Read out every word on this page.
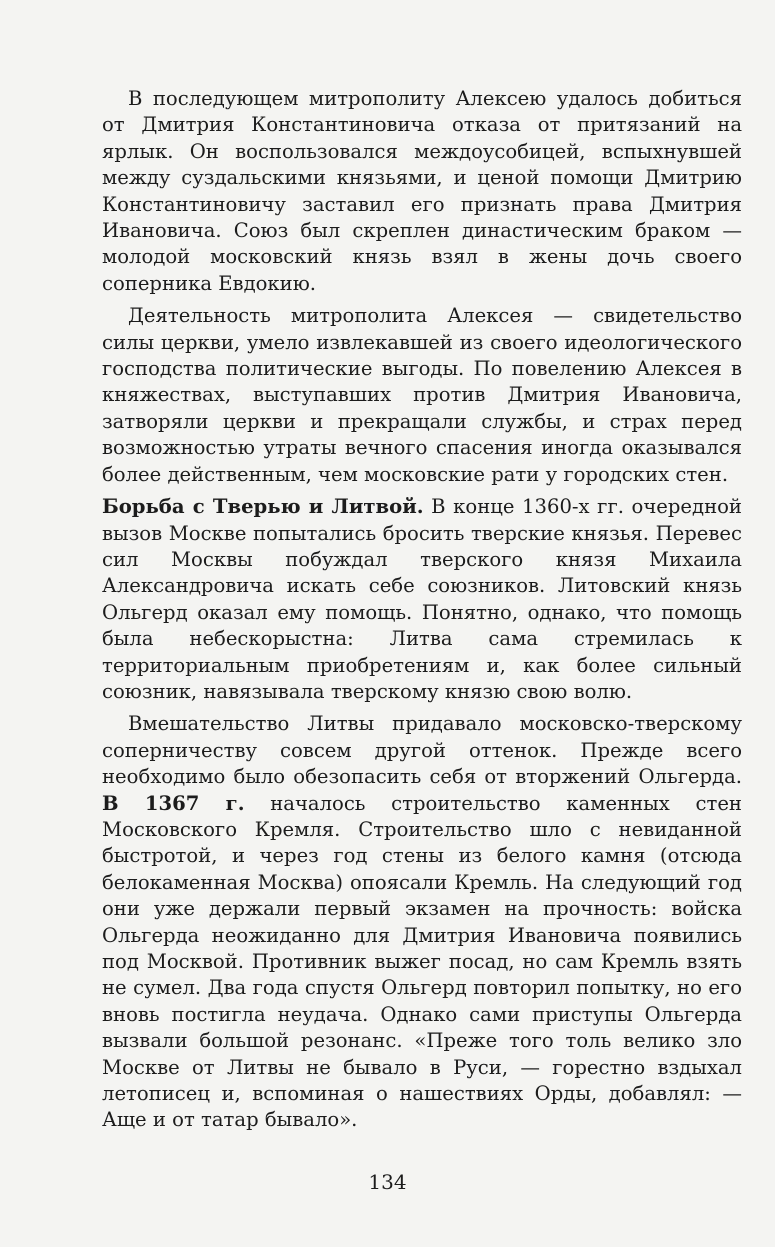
В последующем митрополиту Алексею удалось добиться от Дмитрия Константиновича отказа от притязаний на ярлык. Он воспользовался междоусобицей, вспыхнувшей между суздальскими князьями, и ценой помощи Дмитрию Константиновичу заставил его признать права Дмитрия Ивановича. Союз был скреплен династическим браком — молодой московский князь взял в жены дочь своего соперника Евдокию.

Деятельность митрополита Алексея — свидетельство силы церкви, умело извлекавшей из своего идеологического господства политические выгоды. По повелению Алексея в княжествах, выступавших против Дмитрия Ивановича, затворяли церкви и прекращали службы, и страх перед возможностью утраты вечного спасения иногда оказывался более действенным, чем московские рати у городских стен.

Борьба с Тверью и Литвой. В конце 1360-х гг. очередной вызов Москве попытались бросить тверские князья. Перевес сил Москвы побуждал тверского князя Михаила Александровича искать себе союзников. Литовский князь Ольгерд оказал ему помощь. Понятно, однако, что помощь была небескорыстна: Литва сама стремилась к территориальным приобретениям и, как более сильный союзник, навязывала тверскому князю свою волю.

Вмешательство Литвы придавало московско-тверскому соперничеству совсем другой оттенок. Прежде всего необходимо было обезопасить себя от вторжений Ольгерда. В 1367 г. началось строительство каменных стен Московского Кремля. Строительство шло с невиданной быстротой, и через год стены из белого камня (отсюда белокаменная Москва) опоясали Кремль. На следующий год они уже держали первый экзамен на прочность: войска Ольгерда неожиданно для Дмитрия Ивановича появились под Москвой. Противник выжег посад, но сам Кремль взять не сумел. Два года спустя Ольгерд повторил попытку, но его вновь постигла неудача. Однако сами приступы Ольгерда вызвали большой резонанс. «Преже того толь велико зло Москве от Литвы не бывало в Руси, — горестно вздыхал летописец и, вспоминая о нашествиях Орды, добавлял: — Аще и от татар бывало».

134
